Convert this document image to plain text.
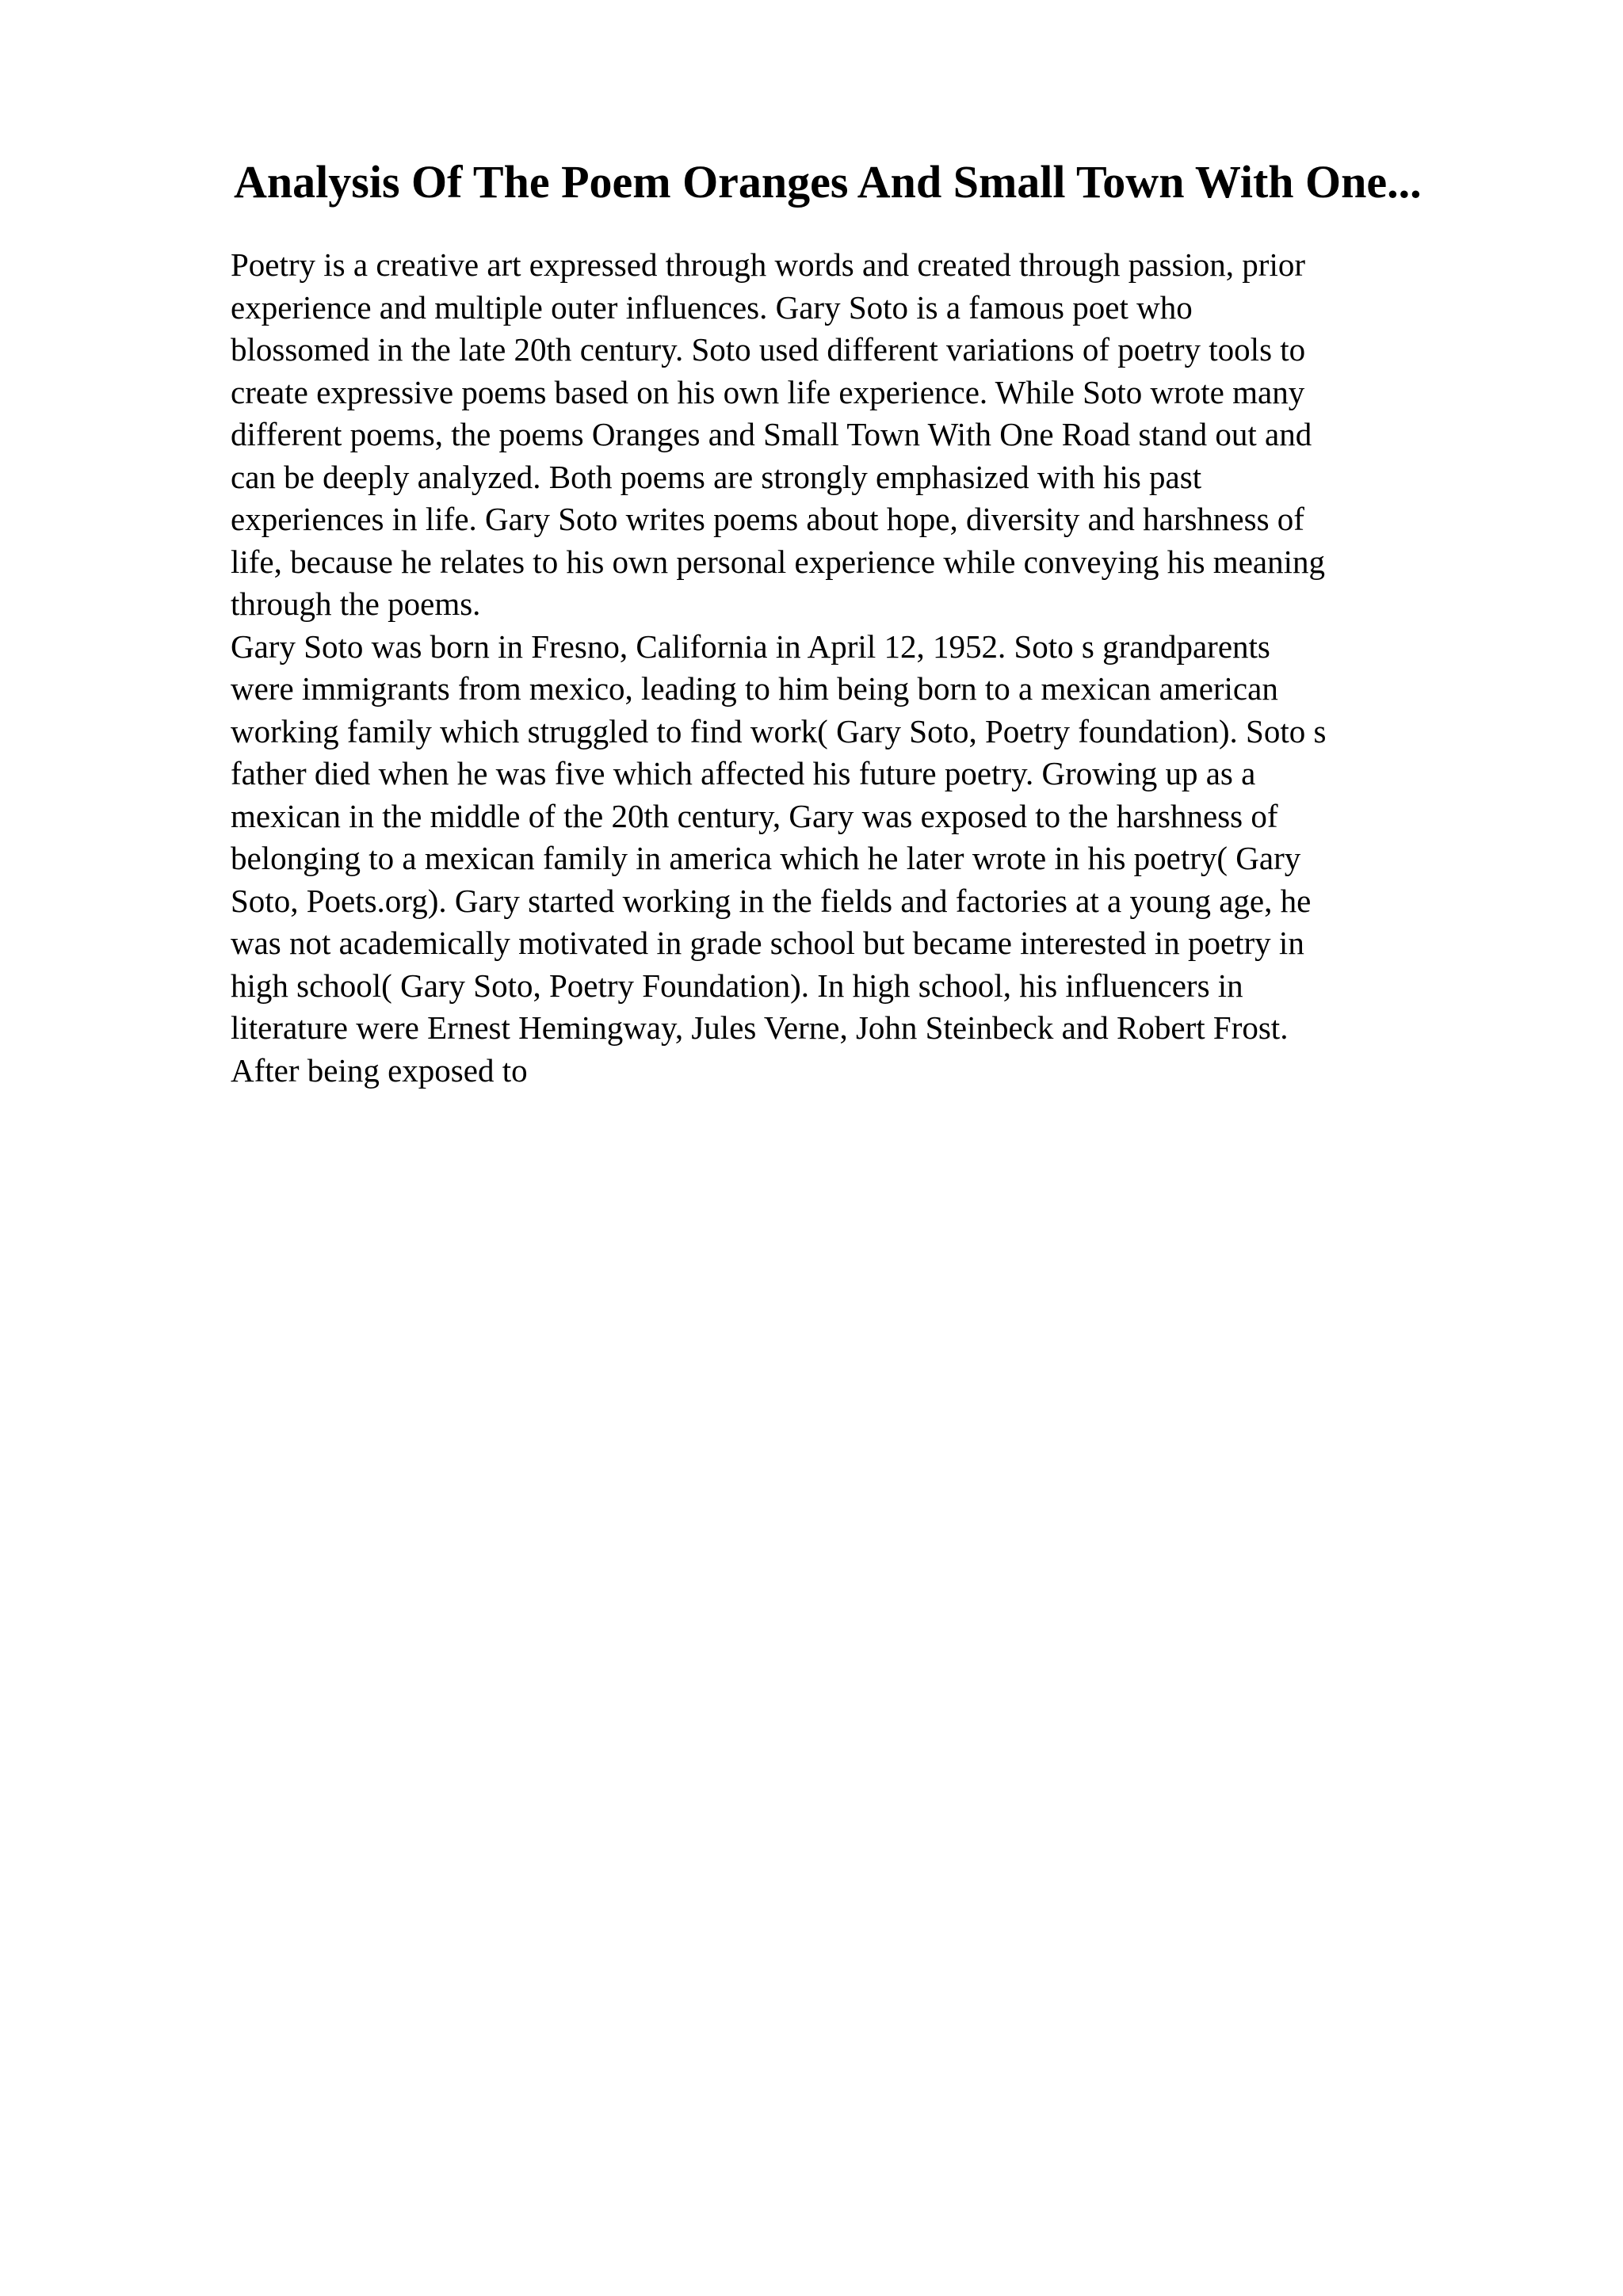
Analysis Of The Poem Oranges And Small Town With One...
Poetry is a creative art expressed through words and created through passion, prior
experience and multiple outer influences. Gary Soto is a famous poet who
blossomed in the late 20th century. Soto used different variations of poetry tools to
create expressive poems based on his own life experience. While Soto wrote many
different poems, the poems Oranges and Small Town With One Road stand out and
can be deeply analyzed. Both poems are strongly emphasized with his past
experiences in life. Gary Soto writes poems about hope, diversity and harshness of
life, because he relates to his own personal experience while conveying his meaning
through the poems.
Gary Soto was born in Fresno, California in April 12, 1952. Soto s grandparents
were immigrants from mexico, leading to him being born to a mexican american
working family which struggled to find work( Gary Soto, Poetry foundation). Soto s
father died when he was five which affected his future poetry. Growing up as a
mexican in the middle of the 20th century, Gary was exposed to the harshness of
belonging to a mexican family in america which he later wrote in his poetry( Gary
Soto, Poets.org). Gary started working in the fields and factories at a young age, he
was not academically motivated in grade school but became interested in poetry in
high school( Gary Soto, Poetry Foundation). In high school, his influencers in
literature were Ernest Hemingway, Jules Verne, John Steinbeck and Robert Frost.
After being exposed to
